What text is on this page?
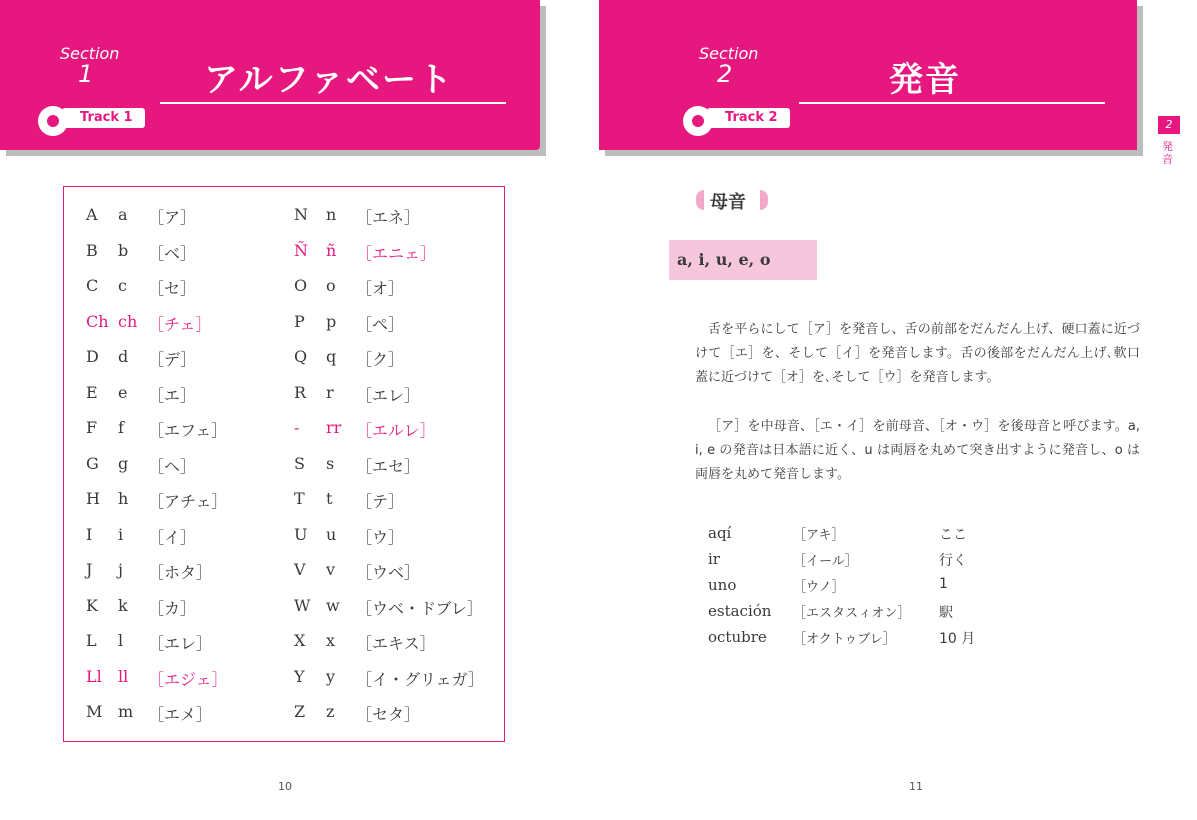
Section
1	アルファベート
Track 1
A a ［ア］
B b ［ベ］
C c ［セ］
Ch ch ［チェ］
D d ［デ］
E e ［エ］
F f ［エフェ］
G g ［ヘ］
H h ［アチェ］
I i ［イ］
J j ［ホタ］
K k ［カ］
L l ［エレ］
Ll ll ［エジェ］
M m ［エメ］
N n ［エネ］
Ñ ñ ［エニェ］
O o ［オ］
P p ［ペ］
Q q ［ク］
R r ［エレ］
- rr ［エルレ］
S s ［エセ］
T t ［テ］
U u ［ウ］
V v ［ウベ］
W w ［ウベ・ドブレ］
X x ［エキス］
Y y ［イ・グリェガ］
Z z ［セタ］
10
Section
2	発音
Track 2
母音
a, i, u, e, o
舌を平らにして［ア］を発音し、舌の前部をだんだん上げ、硬口蓋に近づけて［エ］を、そして［イ］を発音します。舌の後部をだんだん上げ､軟口蓋に近づけて［オ］を､そして［ウ］を発音します。
［ア］を中母音、［エ・イ］を前母音、［オ・ウ］を後母音と呼びます。a, i, e の発音は日本語に近く、u は両唇を丸めて突き出すように発音し、o は両唇を丸めて発音します。
aqí	［アキ］	ここ
ir	［イール］	行く
uno	［ウノ］	1
estación ［エスタスィオン］ 駅
octubre ［オクトゥブレ］	10 月
11
2
発音
